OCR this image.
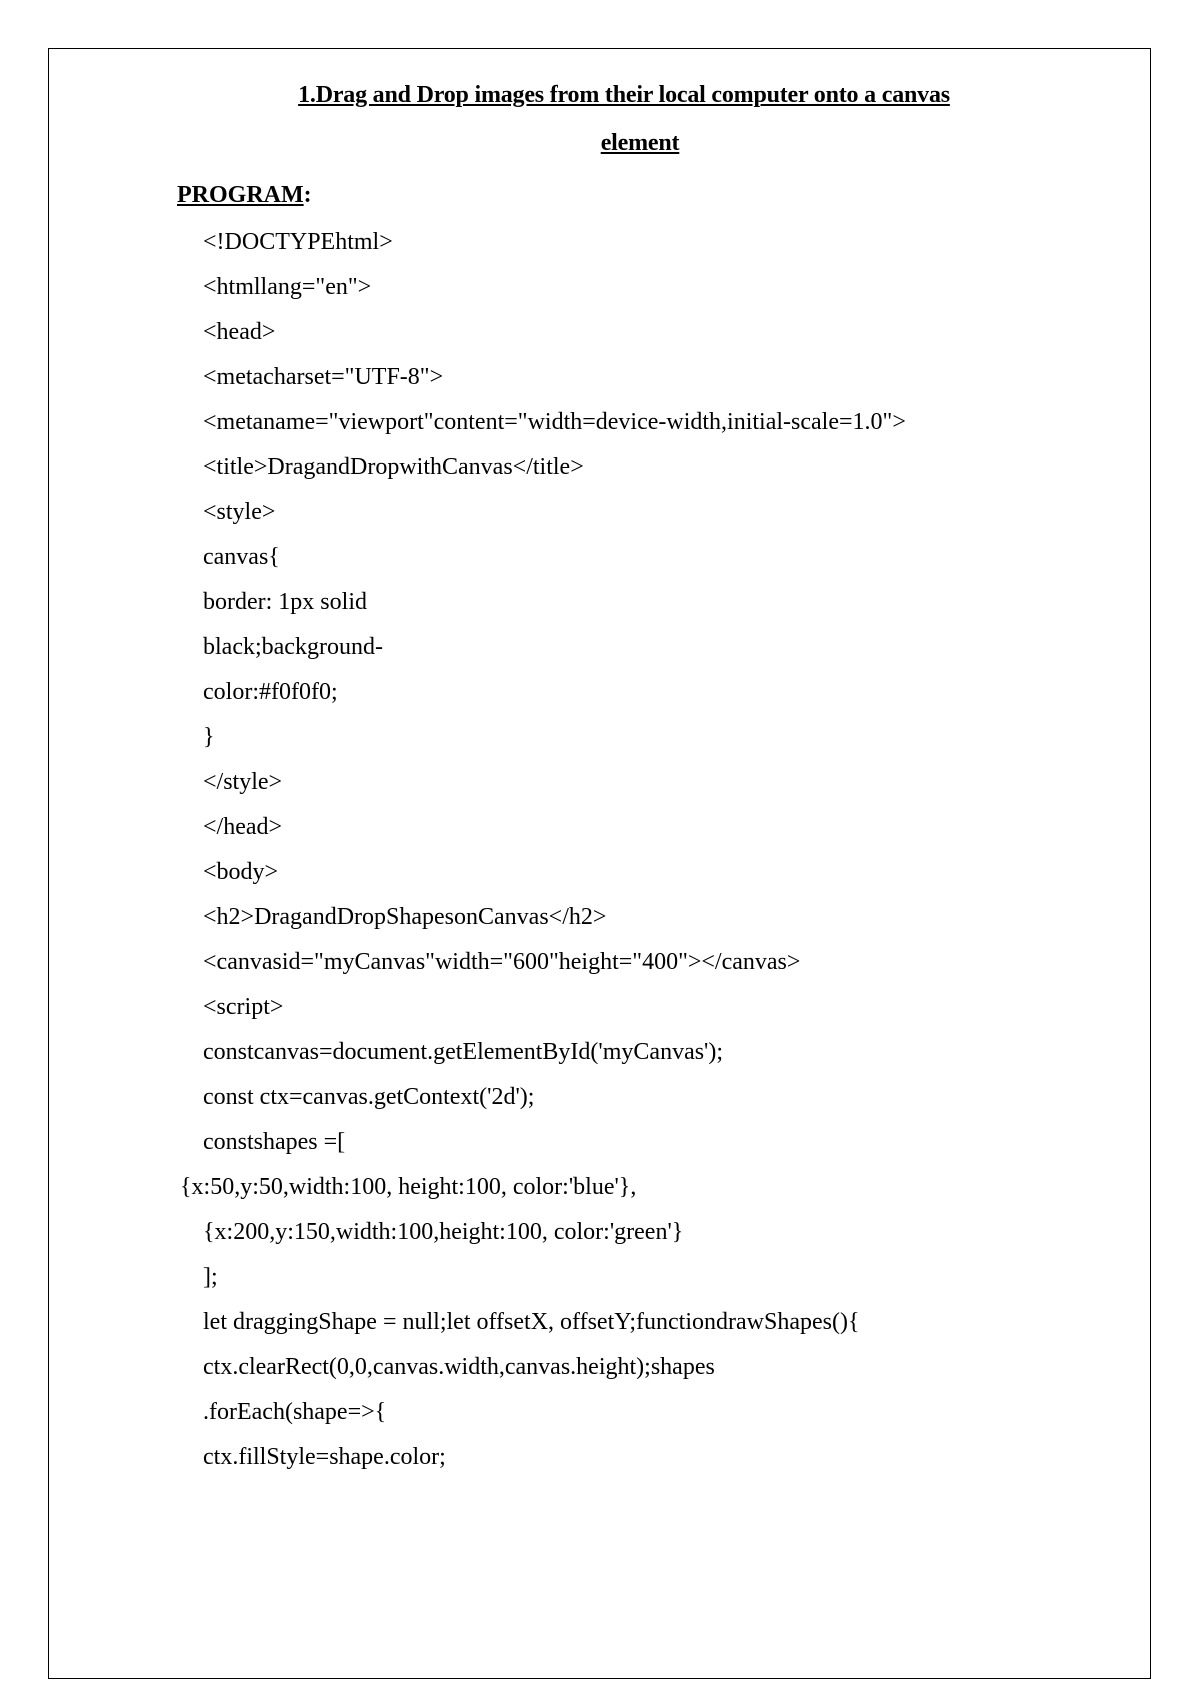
1.Drag and Drop images from their local computer onto a canvas
element
PROGRAM:
<!DOCTYPEhtml>
<htmllang="en">
<head>
<metacharset="UTF-8">
<metaname="viewport"content="width=device-width,initial-scale=1.0">
<title>DragandDropwithCanvas</title>
<style>
canvas{
border: 1px solid
black;background-
color:#f0f0f0;
}
</style>
</head>
<body>
<h2>DragandDropShapesonCanvas</h2>
<canvasid="myCanvas"width="600"height="400"></canvas>
<script>
constcanvas=document.getElementById('myCanvas');
const ctx=canvas.getContext('2d');
constshapes =[
{x:50,y:50,width:100, height:100, color:'blue'},
{x:200,y:150,width:100,height:100, color:'green'}
];
let draggingShape = null;let offsetX, offsetY;functiondrawShapes(){
ctx.clearRect(0,0,canvas.width,canvas.height);shapes
.forEach(shape=>{
ctx.fillStyle=shape.color;
